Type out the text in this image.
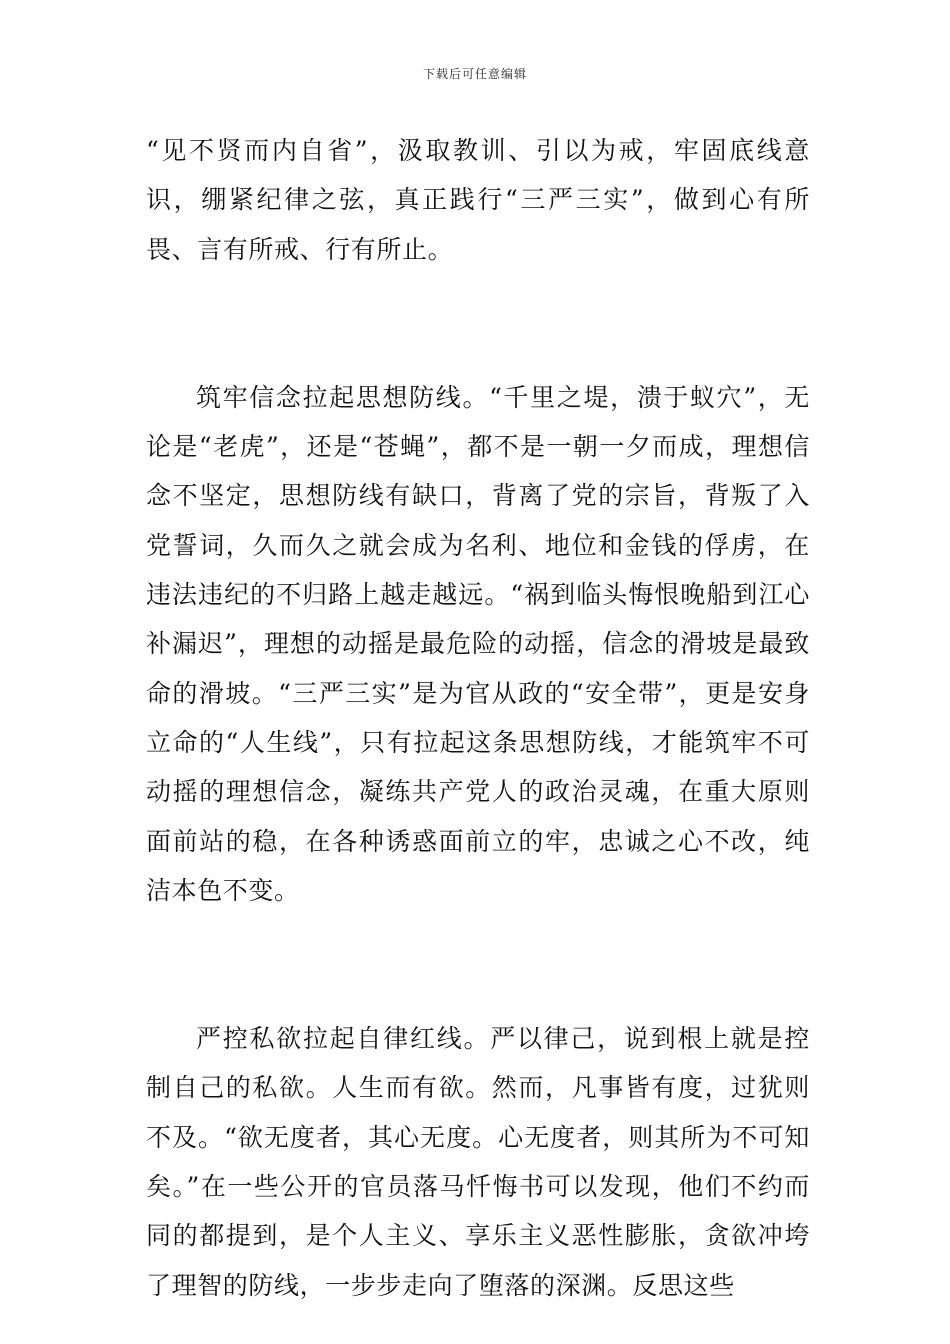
下载后可任意编辑

“见不贤而内自省”，汲取教训、引以为戒，牢固底线意识，绷紧纪律之弦，真正践行“三严三实”，做到心有所畏、言有所戒、行有所止。

筑牢信念拉起思想防线。“千里之堤，溃于蚁穴”，无论是“老虎”，还是“苍蝇”，都不是一朝一夕而成，理想信念不坚定，思想防线有缺口，背离了党的宗旨，背叛了入党誓词，久而久之就会成为名利、地位和金钱的俘虏，在违法违纪的不归路上越走越远。“祸到临头悔恨晚船到江心补漏迟”，理想的动摇是最危险的动摇，信念的滑坡是最致命的滑坡。“三严三实”是为官从政的“安全带”，更是安身立命的“人生线”，只有拉起这条思想防线，才能筑牢不可动摇的理想信念，凝练共产党人的政治灵魂，在重大原则面前站的稳，在各种诱惑面前立的牢，忠诚之心不改，纯洁本色不变。

严控私欲拉起自律红线。严以律己，说到根上就是控制自己的私欲。人生而有欲。然而，凡事皆有度，过犹则不及。“欲无度者，其心无度。心无度者，则其所为不可知矣。”在一些公开的官员落马忏悔书可以发现，他们不约而同的都提到，是个人主义、享乐主义恶性膨胀，贪欲冲垮了理智的防线，一步步走向了堕落的深渊。反思这些
